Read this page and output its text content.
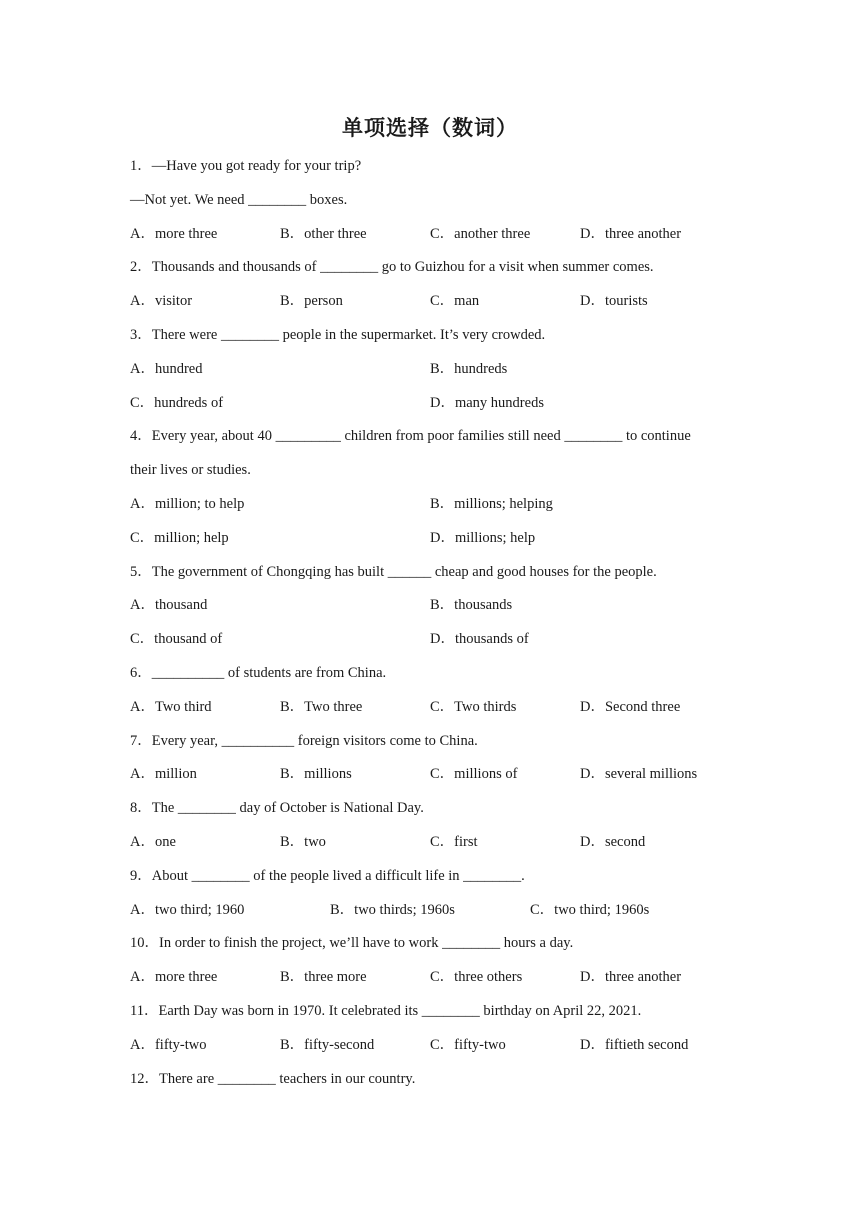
单项选择（数词）
1．—Have you got ready for your trip?
—Not yet. We need ________ boxes.
A．more three	B．other three	C．another three	D．three another
2．Thousands and thousands of ________ go to Guizhou for a visit when summer comes.
A．visitor	B．person	C．man	D．tourists
3．There were ________ people in the supermarket. It’s very crowded.
A．hundred	B．hundreds
C．hundreds of	D．many hundreds
4．Every year, about 40 _________ children from poor families still need ________ to continue
their lives or studies.
A．million; to help	B．millions; helping
C．million; help	D．millions; help
5．The government of Chongqing has built ______ cheap and good houses for the people.
A．thousand	B．thousands
C．thousand of	D．thousands of
6．__________ of students are from China.
A．Two third	B．Two three	C．Two thirds	D．Second three
7．Every year, __________ foreign visitors come to China.
A．million	B．millions	C．millions of	D．several millions
8．The ________ day of October is National Day.
A．one	B．two	C．first	D．second
9．About ________ of the people lived a difficult life in ________.
A．two third; 1960	B．two thirds; 1960s	C．two third; 1960s
10．In order to finish the project, we’ll have to work ________ hours a day.
A．more three	B．three more	C．three others	D．three another
11．Earth Day was born in 1970. It celebrated its ________ birthday on April 22, 2021.
A．fifty-two	B．fifty-second	C．fifty-two	D．fiftieth second
12．There are ________ teachers in our country.
